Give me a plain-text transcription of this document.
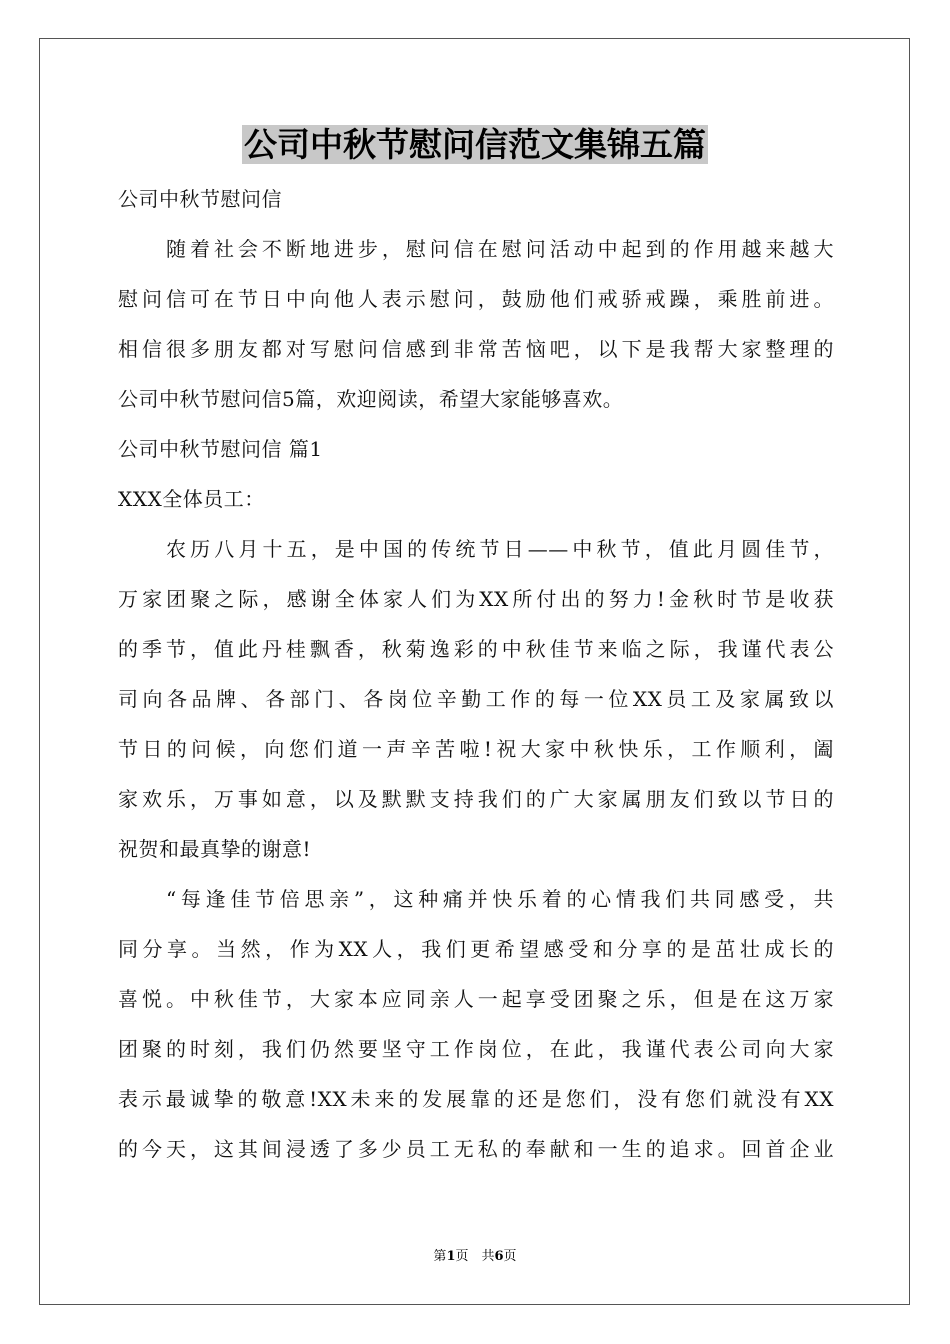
公司中秋节慰问信范文集锦五篇
公司中秋节慰问信
随着社会不断地进步，慰问信在慰问活动中起到的作用越来越大
慰问信可在节日中向他人表示慰问，鼓励他们戒骄戒躁，乘胜前进。
相信很多朋友都对写慰问信感到非常苦恼吧，以下是我帮大家整理的
公司中秋节慰问信5篇，欢迎阅读，希望大家能够喜欢。
公司中秋节慰问信 篇1
XXX全体员工：
农历八月十五，是中国的传统节日——中秋节，值此月圆佳节，
万家团聚之际，感谢全体家人们为XX所付出的努力!金秋时节是收获
的季节，值此丹桂飘香，秋菊逸彩的中秋佳节来临之际，我谨代表公
司向各品牌、各部门、各岗位辛勤工作的每一位XX员工及家属致以
节日的问候，向您们道一声辛苦啦!祝大家中秋快乐，工作顺利，阖
家欢乐，万事如意，以及默默支持我们的广大家属朋友们致以节日的
祝贺和最真挚的谢意!
“每逢佳节倍思亲”，这种痛并快乐着的心情我们共同感受，共
同分享。当然，作为XX人，我们更希望感受和分享的是茁壮成长的
喜悦。中秋佳节，大家本应同亲人一起享受团聚之乐，但是在这万家
团聚的时刻，我们仍然要坚守工作岗位，在此，我谨代表公司向大家
表示最诚挚的敬意!XX未来的发展靠的还是您们，没有您们就没有XX
的今天，这其间浸透了多少员工无私的奉献和一生的追求。回首企业
第1页　共6页
